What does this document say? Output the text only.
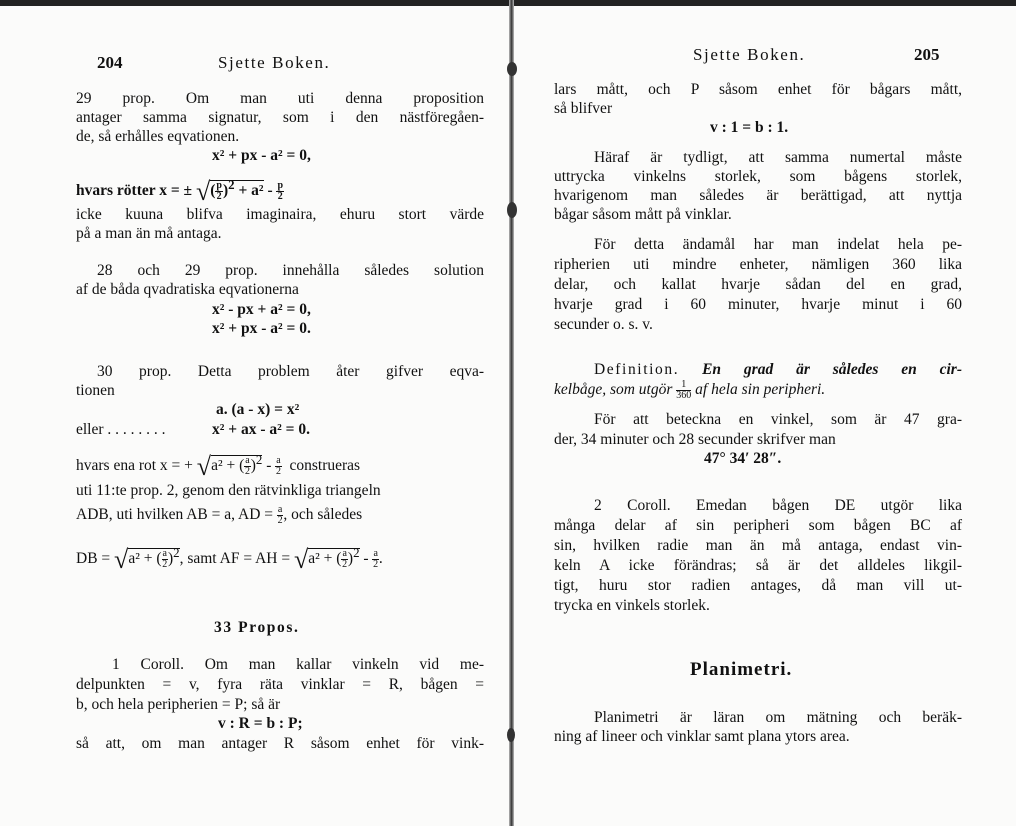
204	Sjette Boken.
29 prop. Om man uti denna proposition
antager samma signatur, som i den nästföregåen-
de, så erhålles eqvationen.
x² + px - a² = 0,
hvars rötter x = ± √( $\frac{p}{2} )^2 + a^2 - \frac{p}{2}$
icke kuuna blifva imaginaira, ehuru stort värde
på a man än må antaga.
28 och 29 prop. innehålla således solution
af de båda qvadratiska eqvationerna
x² - px + a² = 0,
x² + px - a² = 0.
30 prop. Detta problem åter gifver eqva-
tionen
a. (a - x) = x²
eller . . . . . . . .	x² + ax - a² = 0.
hvars ena rot x = + √a² + ( $\frac{a}{2} )^2 - \frac{a}{2}$ construeras
uti 11:te prop. 2, genom den rätvinkliga triangeln
ADB, uti hvilken AB = a, AD = $\frac{a}{2}$ , och således
DB = √a² + ( $\frac{a}{2} )^2$, samt AF = AH = √a² + ( $\frac{a}{2} )^2 - \frac{a}{2}$ .
33 Propos.
1 Coroll. Om man kallar vinkeln vid me-
delpunkten = v, fyra räta vinklar = R, bågen =
b, och hela peripherien = P; så är
v : R = b : P;
så att, om man antager R såsom enhet för vink-
Sjette Boken.	205
lars mått, och P såsom enhet för bågars mått,
så blifver
v : 1 = b : 1.
Häraf är tydligt, att samma numertal måste
uttrycka vinkelns storlek, som bågens storlek,
hvarigenom man således är berättigad, att nyttja
bågar såsom mått på vinklar.
För detta ändamål har man indelat hela pe-
ripherien uti mindre enheter, nämligen 360 lika
delar, och kallat hvarje sådan del en grad,
hvarje grad i 60 minuter, hvarje minut i 60
secunder o. s. v.
Definition. En grad är således en cir-
kelbåge, som utgör $\frac{1}{360}$ af hela sin peripheri.
För att beteckna en vinkel, som är 47 gra-
der, 34 minuter och 28 secunder skrifver man
47° 34′ 28″.
2 Coroll. Emedan bågen DE utgör lika
många delar af sin peripheri som bågen BC af
sin, hvilken radie man än må antaga, endast vin-
keln A icke förändras; så är det alldeles likgil-
tigt, huru stor radien antages, då man vill ut-
trycka en vinkels storlek.
Planimetri.
Planimetri är läran om mätning och beräk-
ning af lineer och vinklar samt plana ytors area.
